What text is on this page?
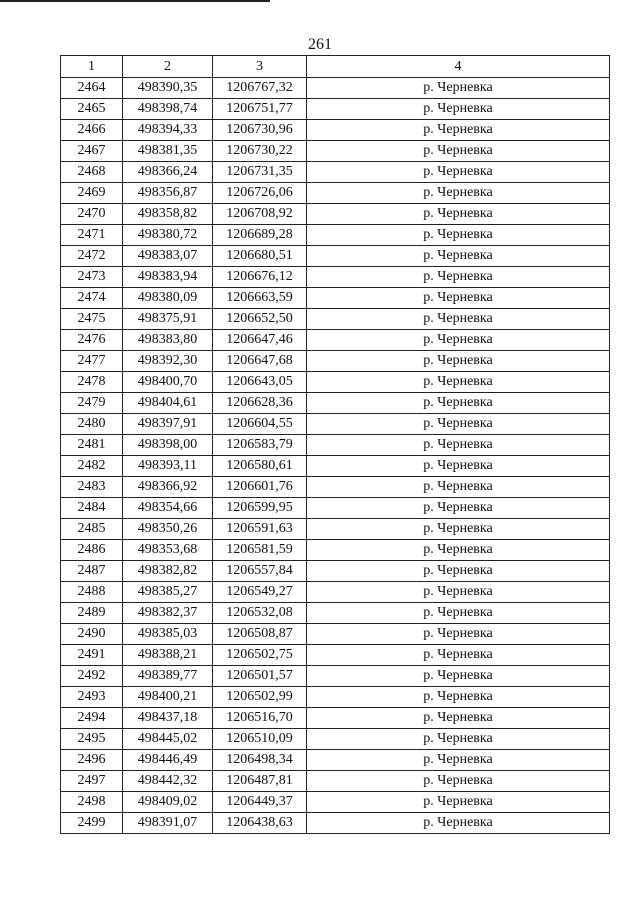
261
1	2	3	4
2464	498390,35	1206767,32	р. Черневка
2465	498398,74	1206751,77	р. Черневка
2466	498394,33	1206730,96	р. Черневка
2467	498381,35	1206730,22	р. Черневка
2468	498366,24	1206731,35	р. Черневка
2469	498356,87	1206726,06	р. Черневка
2470	498358,82	1206708,92	р. Черневка
2471	498380,72	1206689,28	р. Черневка
2472	498383,07	1206680,51	р. Черневка
2473	498383,94	1206676,12	р. Черневка
2474	498380,09	1206663,59	р. Черневка
2475	498375,91	1206652,50	р. Черневка
2476	498383,80	1206647,46	р. Черневка
2477	498392,30	1206647,68	р. Черневка
2478	498400,70	1206643,05	р. Черневка
2479	498404,61	1206628,36	р. Черневка
2480	498397,91	1206604,55	р. Черневка
2481	498398,00	1206583,79	р. Черневка
2482	498393,11	1206580,61	р. Черневка
2483	498366,92	1206601,76	р. Черневка
2484	498354,66	1206599,95	р. Черневка
2485	498350,26	1206591,63	р. Черневка
2486	498353,68	1206581,59	р. Черневка
2487	498382,82	1206557,84	р. Черневка
2488	498385,27	1206549,27	р. Черневка
2489	498382,37	1206532,08	р. Черневка
2490	498385,03	1206508,87	р. Черневка
2491	498388,21	1206502,75	р. Черневка
2492	498389,77	1206501,57	р. Черневка
2493	498400,21	1206502,99	р. Черневка
2494	498437,18	1206516,70	р. Черневка
2495	498445,02	1206510,09	р. Черневка
2496	498446,49	1206498,34	р. Черневка
2497	498442,32	1206487,81	р. Черневка
2498	498409,02	1206449,37	р. Черневка
2499	498391,07	1206438,63	р. Черневка
